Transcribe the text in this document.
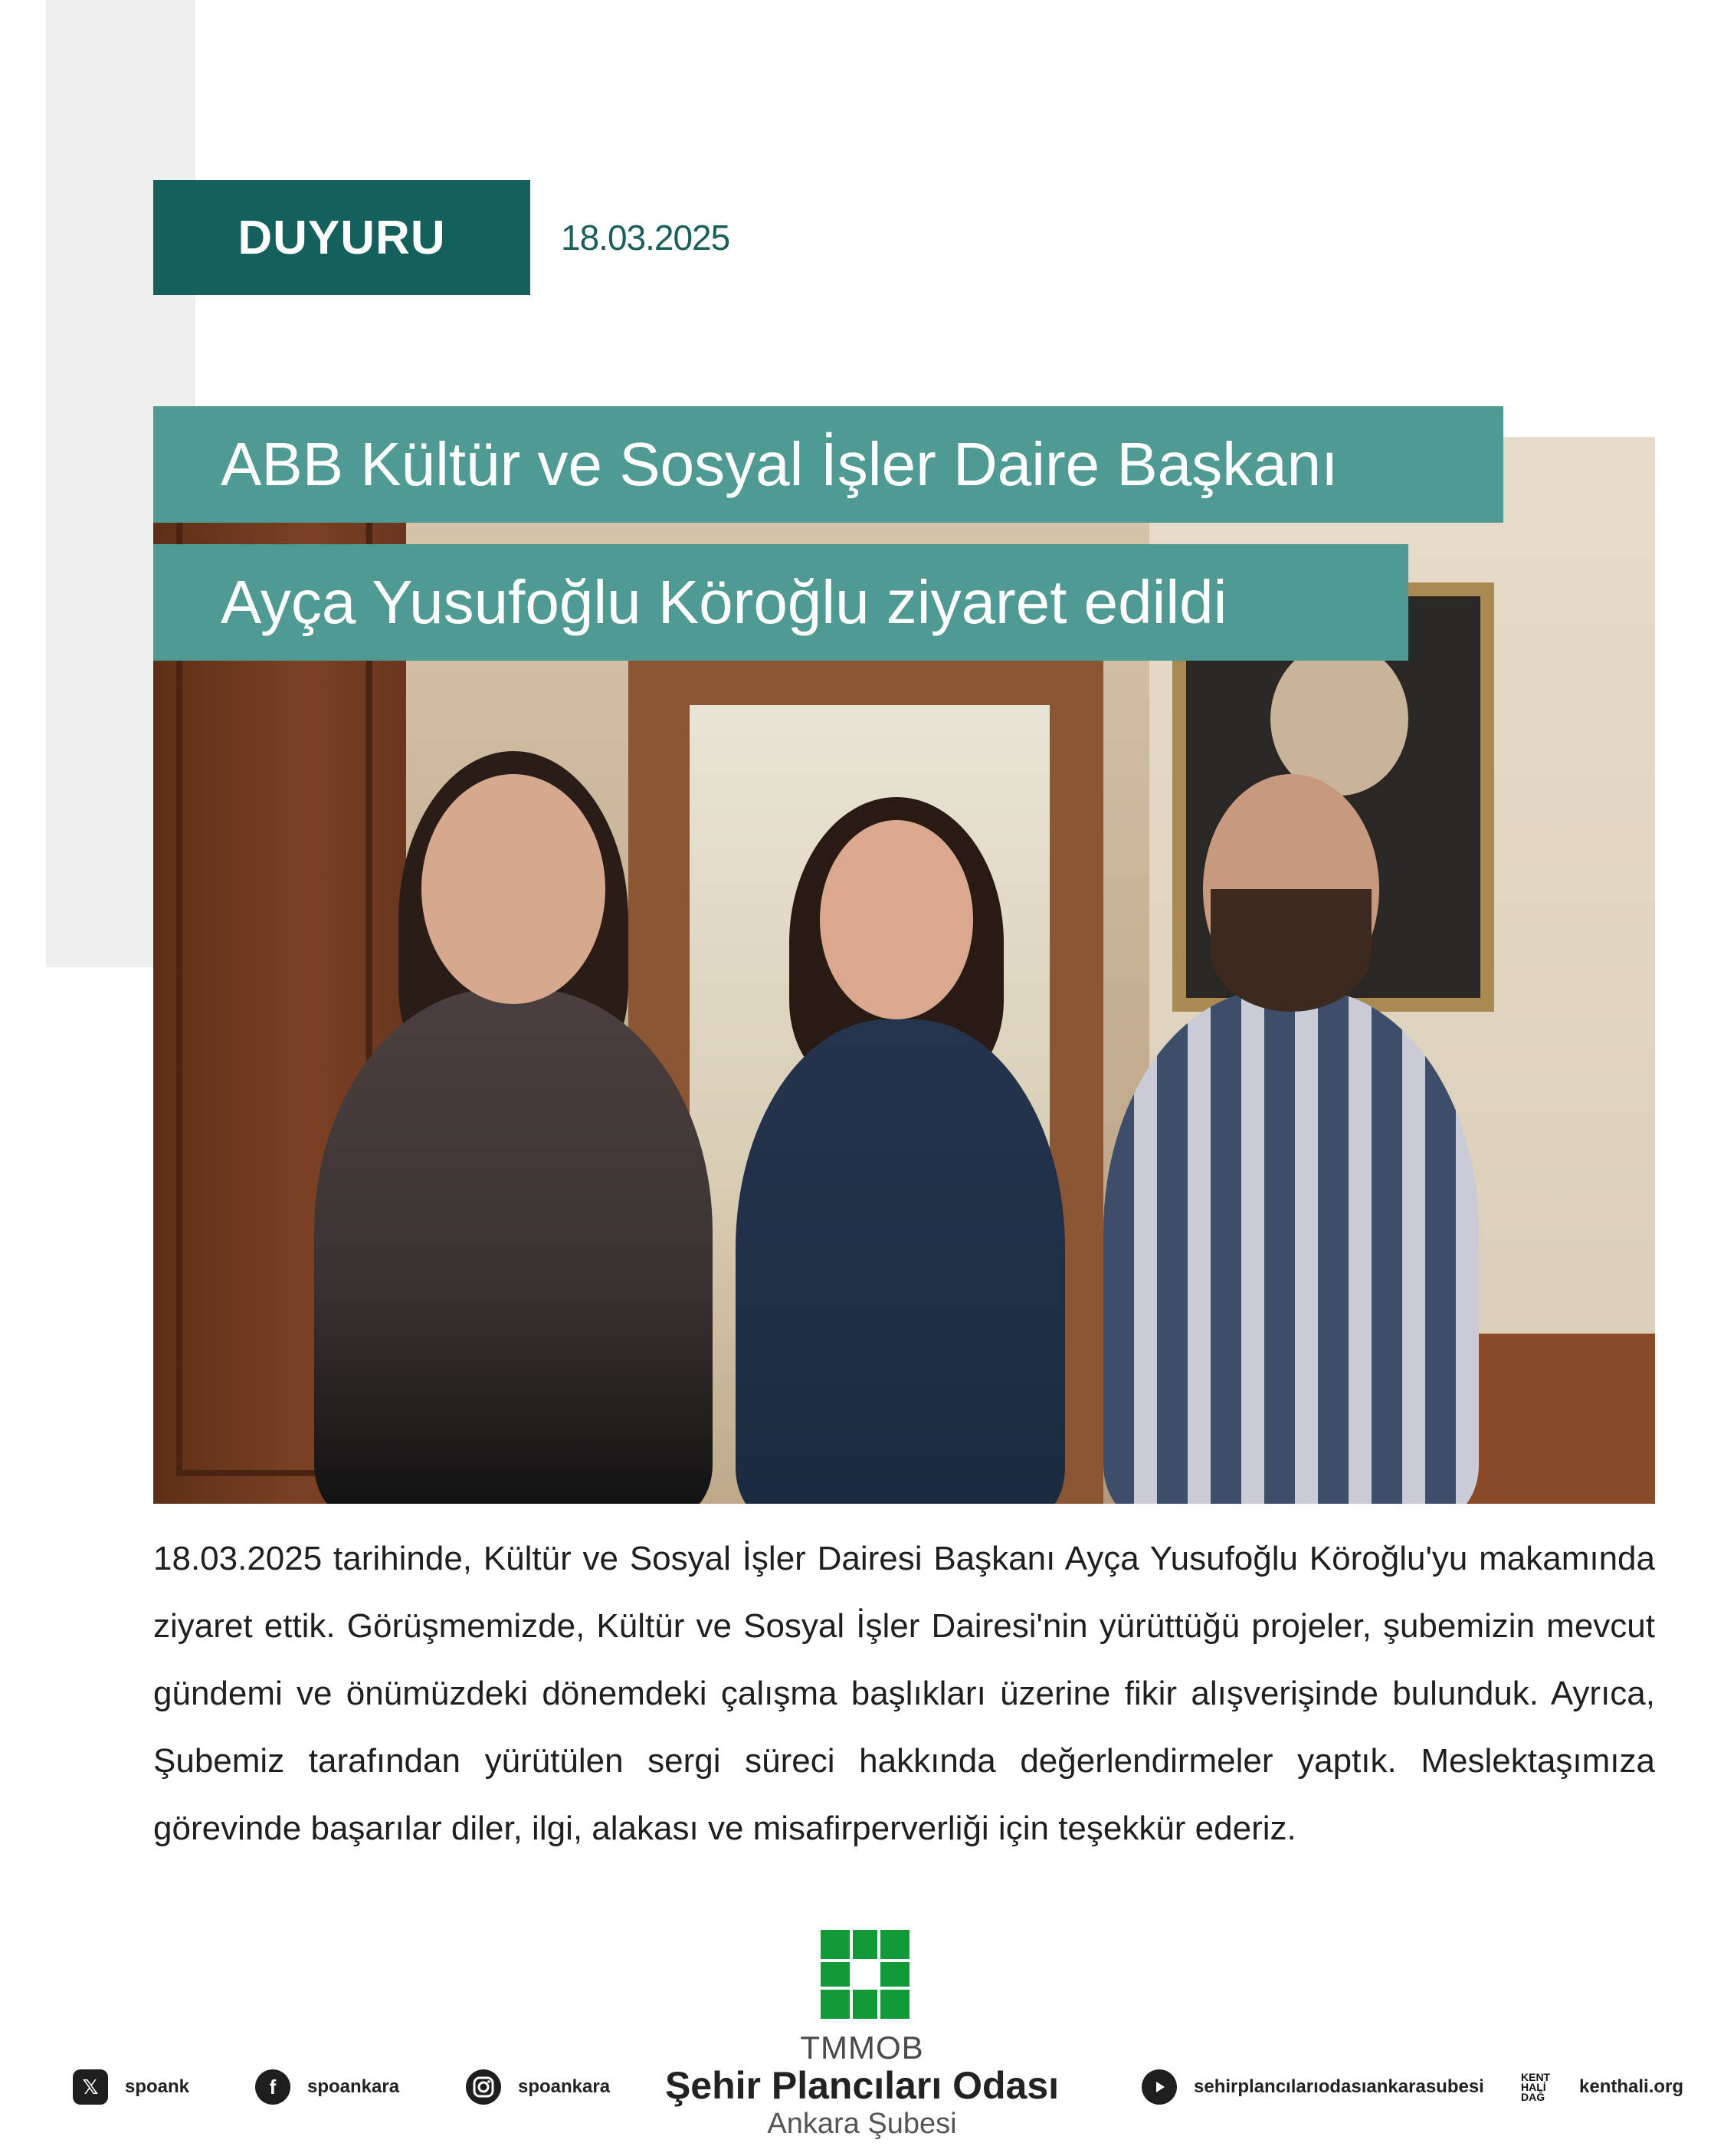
DUYURU	18.03.2025
ABB Kültür ve Sosyal İşler Daire Başkanı
Ayça Yusufoğlu Köroğlu ziyaret edildi
18.03.2025 tarihinde, Kültür ve Sosyal İşler Dairesi Başkanı Ayça Yusufoğlu Köroğlu'yu makamında ziyaret ettik. Görüşmemizde, Kültür ve Sosyal İşler Dairesi'nin yürüttüğü projeler, şubemizin mevcut gündemi ve önümüzdeki dönemdeki çalışma başlıkları üzerine fikir alışverişinde bulunduk. Ayrıca, Şubemiz tarafından yürütülen sergi süreci hakkında değerlendirmeler yaptık. Meslektaşımıza görevinde başarılar diler, ilgi, alakası ve misafirperverliği için teşekkür ederiz.
TMMOB
Şehir Plancıları Odası
Ankara Şubesi
𝕏	spoank	f	spoankara	spoankara	sehirplancılarıodasıankarasubesi	KENT HALİ DAĞ	kenthali.org
